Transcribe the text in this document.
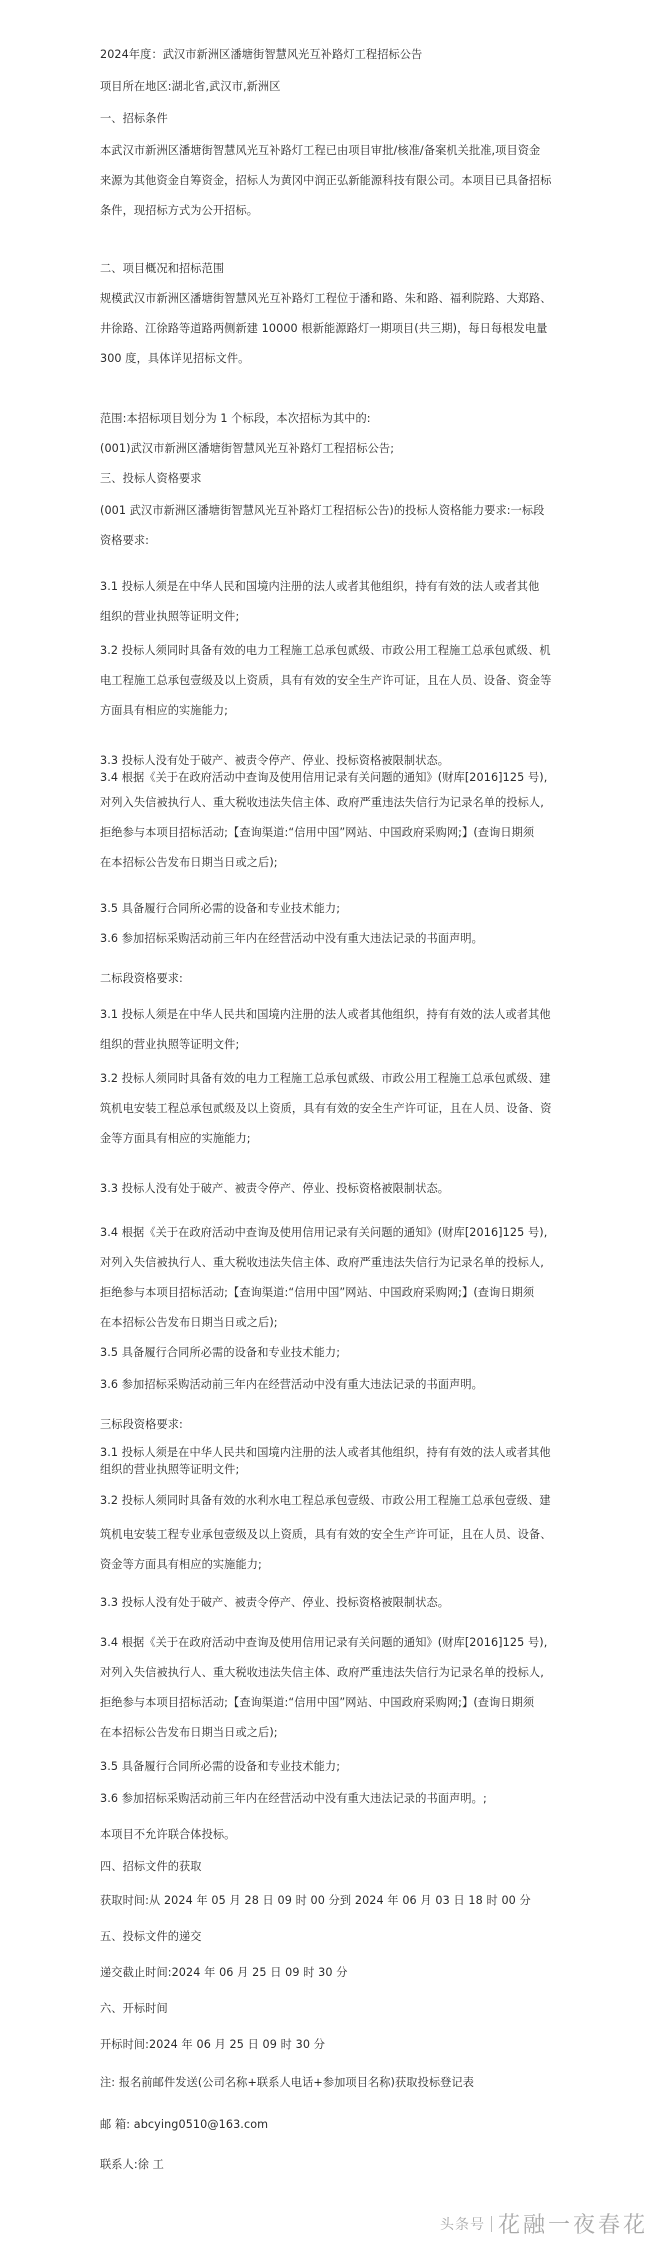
2024年度：武汉市新洲区潘塘街智慧风光互补路灯工程招标公告

项目所在地区:湖北省,武汉市,新洲区

一、招标条件

本武汉市新洲区潘塘街智慧风光互补路灯工程已由项目审批/核准/备案机关批准,项目资金
来源为其他资金自筹资金，招标人为黄冈中润正弘新能源科技有限公司。本项目已具备招标
条件，现招标方式为公开招标。

二、项目概况和招标范围

规模武汉市新洲区潘塘街智慧风光互补路灯工程位于潘和路、朱和路、福利院路、大郑路、
井徐路、江徐路等道路两侧新建 10000 根新能源路灯一期项目(共三期)，每日每根发电量
300 度，具体详见招标文件。

范围:本招标项目划分为 1 个标段，本次招标为其中的:

(001)武汉市新洲区潘塘街智慧风光互补路灯工程招标公告;

三、投标人资格要求

(001 武汉市新洲区潘塘街智慧风光互补路灯工程招标公告)的投标人资格能力要求:一标段
资格要求:

3.1 投标人须是在中华人民和国境内注册的法人或者其他组织，持有有效的法人或者其他
组织的营业执照等证明文件;

3.2 投标人须同时具备有效的电力工程施工总承包贰级、市政公用工程施工总承包贰级、机
电工程施工总承包壹级及以上资质，具有有效的安全生产许可证，且在人员、设备、资金等
方面具有相应的实施能力;

3.3 投标人没有处于破产、被责令停产、停业、投标资格被限制状态。
3.4 根据《关于在政府活动中查询及使用信用记录有关问题的通知》(财库[2016]125 号),

对列入失信被执行人、重大税收违法失信主体、政府严重违法失信行为记录名单的投标人,
拒绝参与本项目招标活动;【查询渠道:“信用中国”网站、中国政府采购网;】(查询日期须
在本招标公告发布日期当日或之后);

3.5 具备履行合同所必需的设备和专业技术能力;

3.6 参加招标采购活动前三年内在经营活动中没有重大违法记录的书面声明。

二标段资格要求:

3.1 投标人须是在中华人民共和国境内注册的法人或者其他组织，持有有效的法人或者其他
组织的营业执照等证明文件;

3.2 投标人须同时具备有效的电力工程施工总承包贰级、市政公用工程施工总承包贰级、建
筑机电安装工程总承包贰级及以上资质，具有有效的安全生产许可证，且在人员、设备、资
金等方面具有相应的实施能力;

3.3 投标人没有处于破产、被责令停产、停业、投标资格被限制状态。

3.4 根据《关于在政府活动中查询及使用信用记录有关问题的通知》(财库[2016]125 号),
对列入失信被执行人、重大税收违法失信主体、政府严重违法失信行为记录名单的投标人,
拒绝参与本项目招标活动;【查询渠道:“信用中国”网站、中国政府采购网;】(查询日期须
在本招标公告发布日期当日或之后);

3.5 具备履行合同所必需的设备和专业技术能力;

3.6 参加招标采购活动前三年内在经营活动中没有重大违法记录的书面声明。

三标段资格要求:

3.1 投标人须是在中华人民共和国境内注册的法人或者其他组织，持有有效的法人或者其他
组织的营业执照等证明文件;

3.2 投标人须同时具备有效的水利水电工程总承包壹级、市政公用工程施工总承包壹级、建

筑机电安装工程专业承包壹级及以上资质，具有有效的安全生产许可证，且在人员、设备、
资金等方面具有相应的实施能力;

3.3 投标人没有处于破产、被责令停产、停业、投标资格被限制状态。

3.4 根据《关于在政府活动中查询及使用信用记录有关问题的通知》(财库[2016]125 号),
对列入失信被执行人、重大税收违法失信主体、政府严重违法失信行为记录名单的投标人,
拒绝参与本项目招标活动;【查询渠道:“信用中国”网站、中国政府采购网;】(查询日期须
在本招标公告发布日期当日或之后);

3.5 具备履行合同所必需的设备和专业技术能力;

3.6 参加招标采购活动前三年内在经营活动中没有重大违法记录的书面声明。;

本项目不允许联合体投标。

四、招标文件的获取

获取时间:从 2024 年 05 月 28 日 09 时 00 分到 2024 年 06 月 03 日 18 时 00 分

五、投标文件的递交

递交截止时间:2024 年 06 月 25 日 09 时 30 分

六、开标时间

开标时间:2024 年 06 月 25 日 09 时 30 分

注: 报名前邮件发送(公司名称+联系人电话+参加项目名称)获取投标登记表

邮 箱: abcying0510@163.com

联系人:徐 工

头条号 花融一夜春花
